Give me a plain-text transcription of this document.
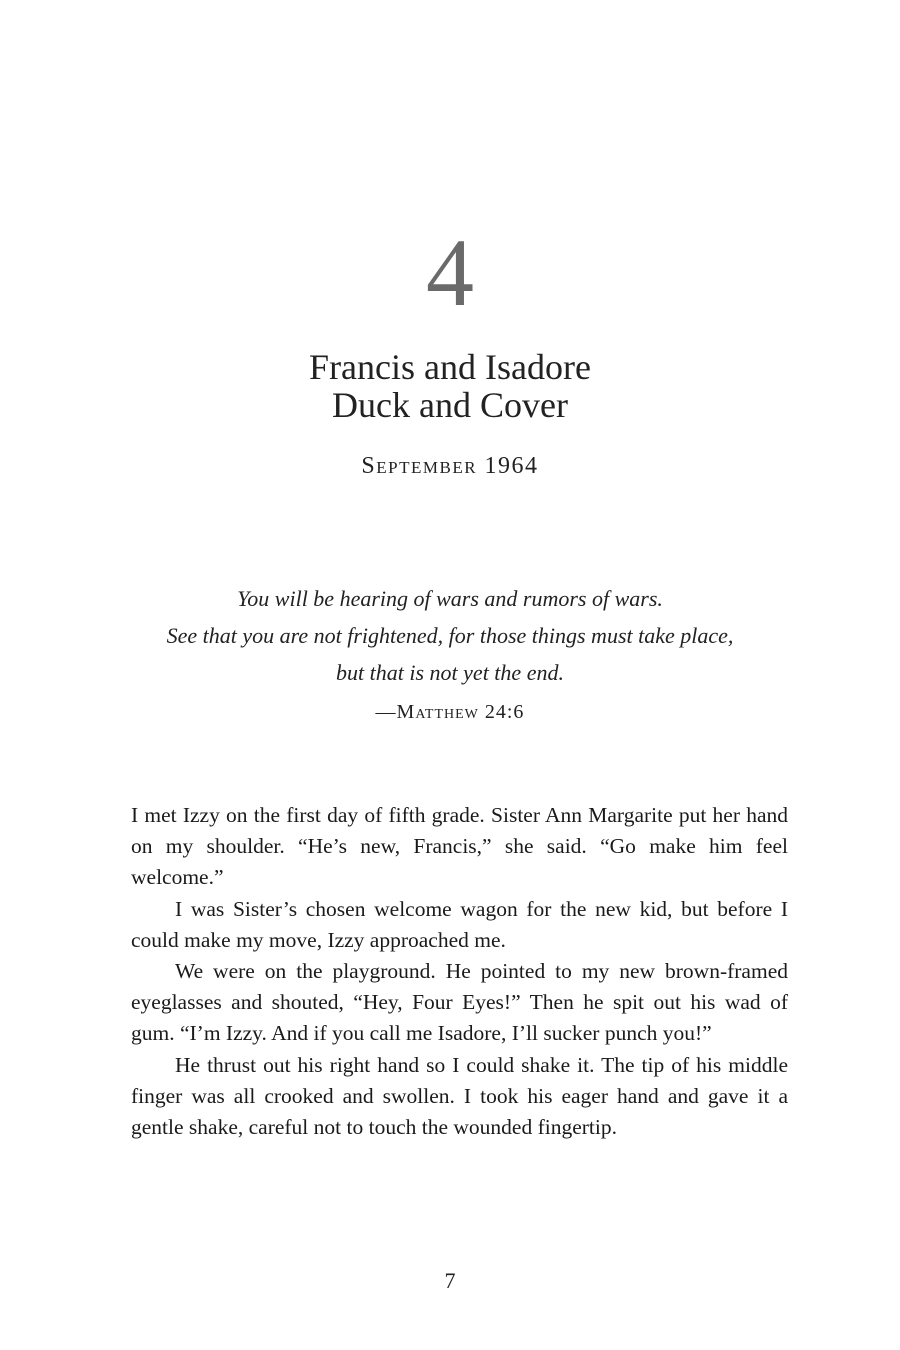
4
Francis and Isadore
Duck and Cover
September 1964
You will be hearing of wars and rumors of wars.
See that you are not frightened, for those things must take place,
but that is not yet the end.
—Matthew 24:6

I met Izzy on the first day of fifth grade. Sister Ann Margarite put her hand on my shoulder. “He’s new, Francis,” she said. “Go make him feel welcome.”

I was Sister’s chosen welcome wagon for the new kid, but before I could make my move, Izzy approached me.

We were on the playground. He pointed to my new brown-framed eyeglasses and shouted, “Hey, Four Eyes!” Then he spit out his wad of gum. “I’m Izzy. And if you call me Isadore, I’ll sucker punch you!”

He thrust out his right hand so I could shake it. The tip of his middle finger was all crooked and swollen. I took his eager hand and gave it a gentle shake, careful not to touch the wounded fingertip.

7
